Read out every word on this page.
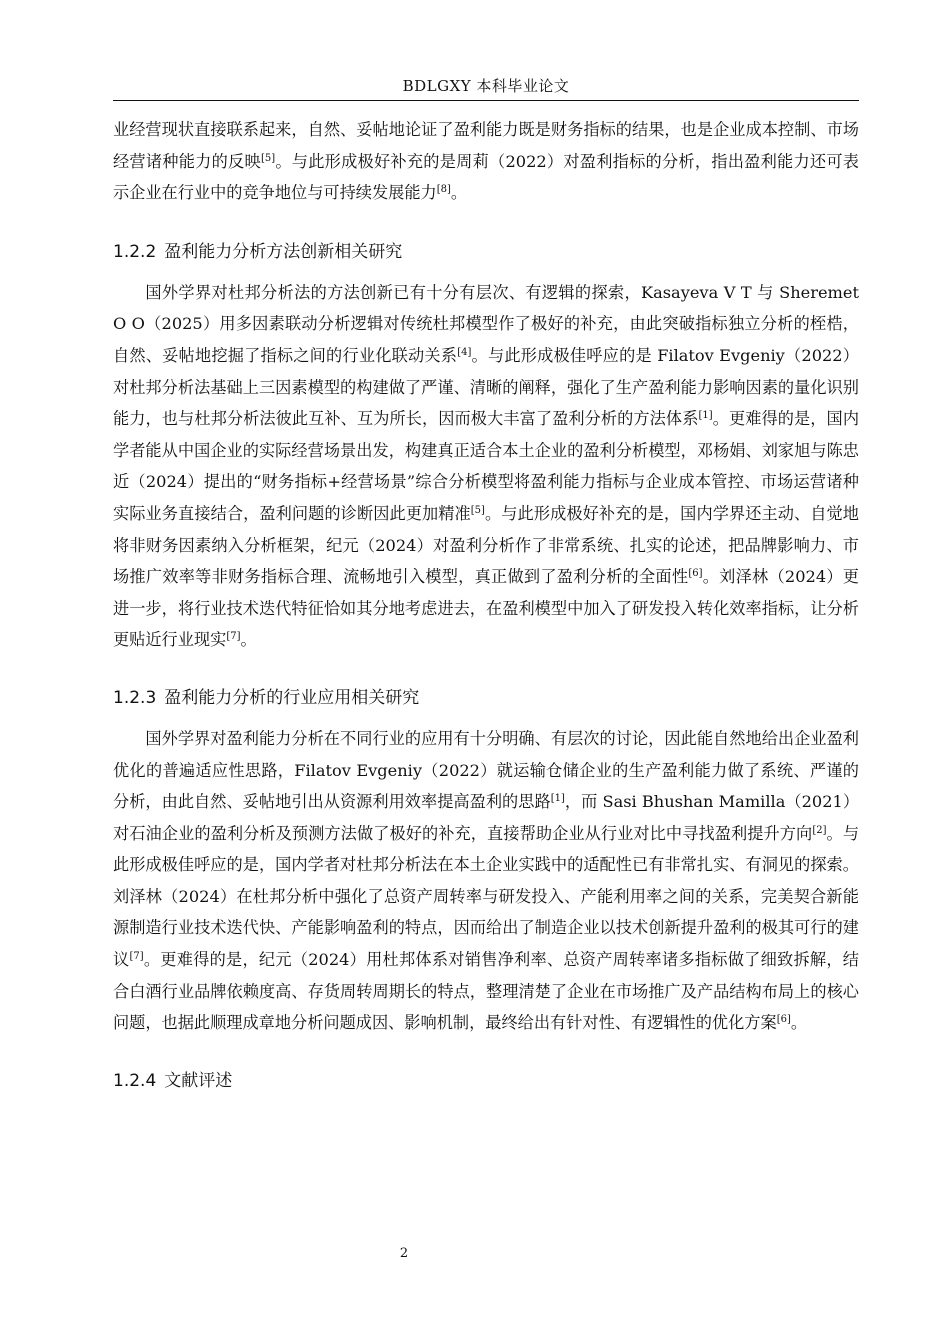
BDLGXY 本科毕业论文

业经营现状直接联系起来，自然、妥帖地论证了盈利能力既是财务指标的结果，也是企业成本控制、市场经营诸种能力的反映[5]。与此形成极好补充的是周莉（2022）对盈利指标的分析，指出盈利能力还可表示企业在行业中的竞争地位与可持续发展能力[8]。

1.2.2 盈利能力分析方法创新相关研究

国外学界对杜邦分析法的方法创新已有十分有层次、有逻辑的探索，Kasayeva V T 与 Sheremet O O（2025）用多因素联动分析逻辑对传统杜邦模型作了极好的补充，由此突破指标独立分析的桎梏，自然、妥帖地挖掘了指标之间的行业化联动关系[4]。与此形成极佳呼应的是 Filatov Evgeniy（2022）对杜邦分析法基础上三因素模型的构建做了严谨、清晰的阐释，强化了生产盈利能力影响因素的量化识别能力，也与杜邦分析法彼此互补、互为所长，因而极大丰富了盈利分析的方法体系[1]。更难得的是，国内学者能从中国企业的实际经营场景出发，构建真正适合本土企业的盈利分析模型，邓杨娟、刘家旭与陈忠近（2024）提出的“财务指标+经营场景”综合分析模型将盈利能力指标与企业成本管控、市场运营诸种实际业务直接结合，盈利问题的诊断因此更加精准[5]。与此形成极好补充的是，国内学界还主动、自觉地将非财务因素纳入分析框架，纪元（2024）对盈利分析作了非常系统、扎实的论述，把品牌影响力、市场推广效率等非财务指标合理、流畅地引入模型，真正做到了盈利分析的全面性[6]。刘泽林（2024）更进一步，将行业技术迭代特征恰如其分地考虑进去，在盈利模型中加入了研发投入转化效率指标，让分析更贴近行业现实[7]。

1.2.3 盈利能力分析的行业应用相关研究

国外学界对盈利能力分析在不同行业的应用有十分明确、有层次的讨论，因此能自然地给出企业盈利优化的普遍适应性思路，Filatov Evgeniy（2022）就运输仓储企业的生产盈利能力做了系统、严谨的分析，由此自然、妥帖地引出从资源利用效率提高盈利的思路[1]，而 Sasi Bhushan Mamilla（2021）对石油企业的盈利分析及预测方法做了极好的补充，直接帮助企业从行业对比中寻找盈利提升方向[2]。与此形成极佳呼应的是，国内学者对杜邦分析法在本土企业实践中的适配性已有非常扎实、有洞见的探索。刘泽林（2024）在杜邦分析中强化了总资产周转率与研发投入、产能利用率之间的关系，完美契合新能源制造行业技术迭代快、产能影响盈利的特点，因而给出了制造企业以技术创新提升盈利的极其可行的建议[7]。更难得的是，纪元（2024）用杜邦体系对销售净利率、总资产周转率诸多指标做了细致拆解，结合白酒行业品牌依赖度高、存货周转周期长的特点，整理清楚了企业在市场推广及产品结构布局上的核心问题，也据此顺理成章地分析问题成因、影响机制，最终给出有针对性、有逻辑性的优化方案[6]。

1.2.4 文献评述
2
